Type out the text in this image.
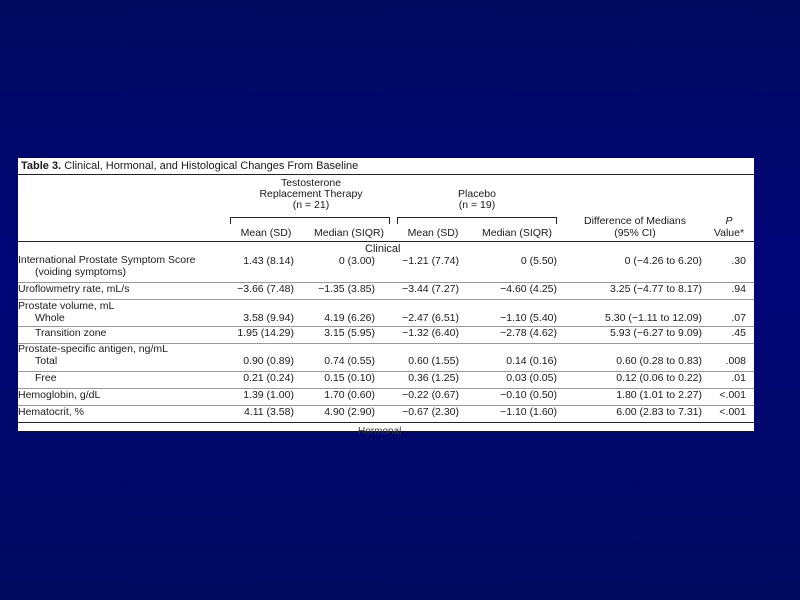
Table 3. Clinical, Hormonal, and Histological Changes From Baseline
Testosterone
Replacement Therapy
(n = 21)
Placebo
(n = 19)
Mean (SD)	Median (SIQR)	Mean (SD)	Median (SIQR)
Difference of Medians
(95% CI)
P
Value*
Clinical
International Prostate Symptom Score
(voiding symptoms)
1.43 (8.14)	0 (3.00)	−1.21 (7.74)	0 (5.50)	0 (−4.26 to 6.20)	.30
Uroflowmetry rate, mL/s	−3.66 (7.48)	−1.35 (3.85)	−3.44 (7.27)	−4.60 (4.25)	3.25 (−4.77 to 8.17)	.94
Prostate volume, mL
Whole	3.58 (9.94)	4.19 (6.26)	−2.47 (6.51)	−1.10 (5.40)	5.30 (−1.11 to 12.09)	.07
Transition zone	1.95 (14.29)	3.15 (5.95)	−1.32 (6.40)	−2.78 (4.62)	5.93 (−6.27 to 9.09)	.45
Prostate-specific antigen, ng/mL
Total	0.90 (0.89)	0.74 (0.55)	0.60 (1.55)	0.14 (0.16)	0.60 (0.28 to 0.83)	.008
Free	0.21 (0.24)	0.15 (0.10)	0.36 (1.25)	0.03 (0.05)	0.12 (0.06 to 0.22)	.01
Hemoglobin, g/dL	1.39 (1.00)	1.70 (0.60)	−0.22 (0.67)	−0.10 (0.50)	1.80 (1.01 to 2.27)	<.001
Hematocrit, %	4.11 (3.58)	4.90 (2.90)	−0.67 (2.30)	−1.10 (1.60)	6.00 (2.83 to 7.31)	<.001
Hormonal
